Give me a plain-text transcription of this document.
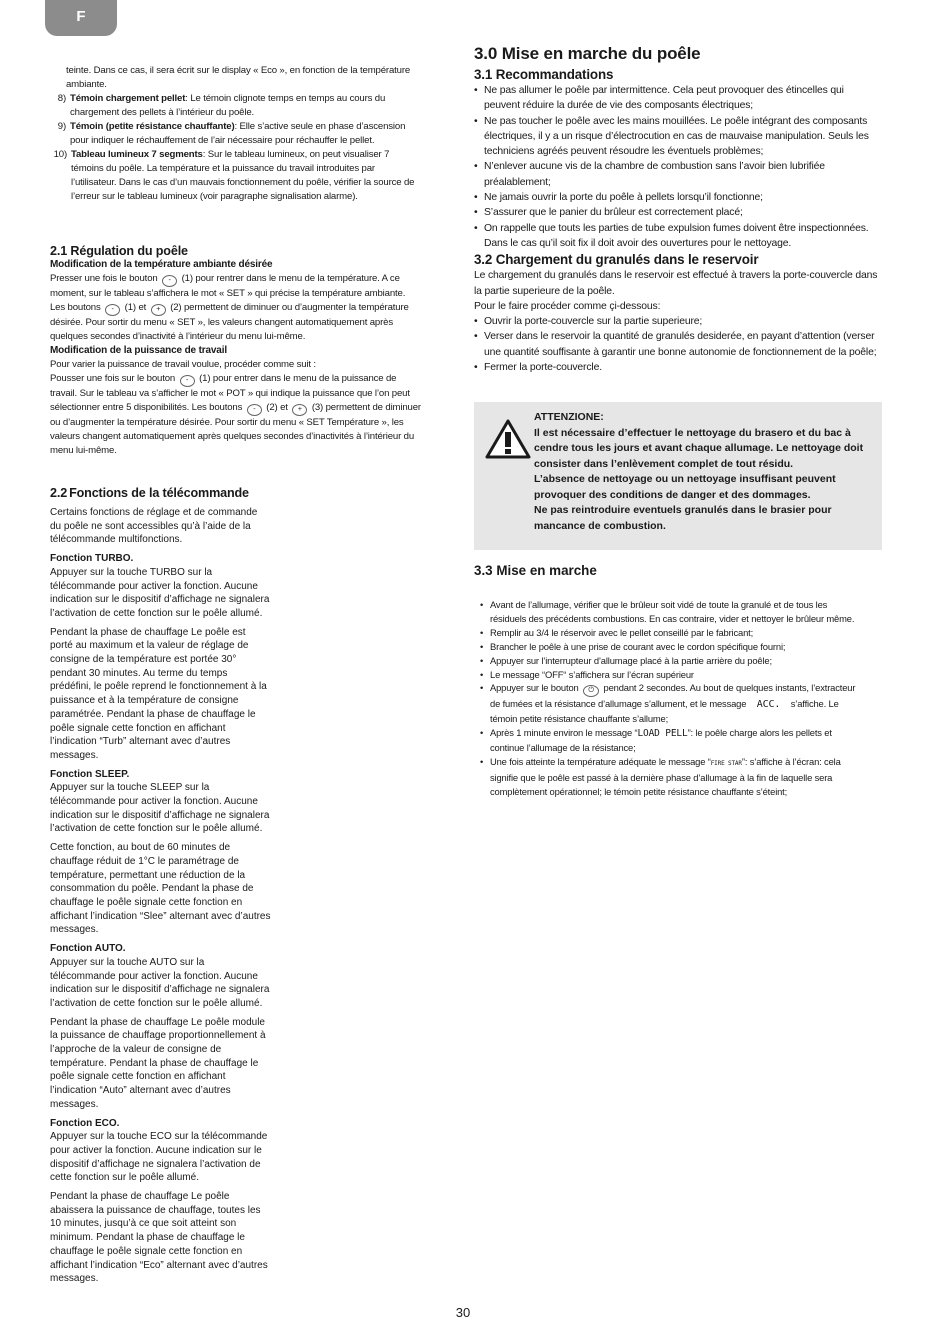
F
teinte. Dans ce cas, il sera écrit sur le display « Eco », en fonction de la température ambiante.
8) Témoin chargement pellet: Le témoin clignote temps en temps au cours du chargement des pellets à l’intérieur du poêle.
9) Témoin (petite résistance chauffante): Elle s’active seule en phase d’ascension pour indiquer le réchauffement de l’air nécessaire pour réchauffer le pellet.
10) Tableau lumineux 7 segments: Sur le tableau lumineux, on peut visualiser 7 témoins du poêle. La température et la puissance du travail introduites par l’utilisateur. Dans le cas d’un mauvais fonctionnement du poêle, vérifier la source de l’erreur sur le tableau lumineux (voir paragraphe signalisation alarme).
2.1 Régulation du poêle
Modification de la température ambiante désirée

Presser une fois le bouton - (1) pour rentrer dans le menu de la température. A ce moment, sur le tableau s’affichera le mot « SET » qui précise la température ambiante. Les boutons - (1) et + (2) permettent de diminuer ou d’augmenter la température désirée. Pour sortir du menu « SET », les valeurs changent automatiquement après quelques secondes d’inactivité à l’intérieur du menu lui-même.

Modification de la puissance de travail

Pour varier la puissance de travail voulue, procéder comme suit :

Pousser une fois sur le bouton - (1) pour entrer dans le menu de la puissance de travail. Sur le tableau va s’afficher le mot « POT » qui indique la puissance que l’on peut sélectionner entre 5 disponibilités. Les boutons - (2) et + (3) permettent de diminuer ou d’augmenter la température désirée. Pour sortir du menu « SET Température », les valeurs changent automatiquement après quelques secondes d’inactivités à l’intérieur du menu lui-même.

2.2 Fonctions de la télécommande

Certains fonctions de réglage et de commande du poêle ne sont accessibles qu’à l’aide de la télécommande multifonctions.

Fonction TURBO.

Appuyer sur la touche TURBO sur la télécommande pour activer la fonction. Aucune indication sur le dispositif d’affichage ne signalera l’activation de cette fonction sur le poêle allumé.

Pendant la phase de chauffage Le poêle est porté au maximum et la valeur de réglage de consigne de la température est portée 30° pendant 30 minutes. Au terme du temps prédéfini, le poêle reprend le fonctionnement à la puissance et à la température de consigne paramétrée. Pendant la phase de chauffage le poêle signale cette fonction en affichant l’indication “Turb” alternant avec d’autres messages.

Fonction SLEEP.

Appuyer sur la touche SLEEP sur la télécommande pour activer la fonction. Aucune indication sur le dispositif d’affichage ne signalera l’activation de cette fonction sur le poêle allumé.

Cette fonction, au bout de 60 minutes de chauffage réduit de 1°C le paramétrage de température, permettant une réduction de la consommation du poêle. Pendant la phase de chauffage le poêle signale cette fonction en affichant l’indication “Slee” alternant avec d’autres messages.

Fonction AUTO.

Appuyer sur la touche AUTO sur la télécommande pour activer la fonction. Aucune indication sur le dispositif d’affichage ne signalera l’activation de cette fonction sur le poêle allumé.

Pendant la phase de chauffage Le poêle module la puissance de chauffage proportionnellement à l’approche de la valeur de consigne de température. Pendant la phase de chauffage le poêle signale cette fonction en affichant l’indication “Auto” alternant avec d’autres messages.

Fonction ECO.

Appuyer sur la touche ECO sur la télécommande pour activer la fonction. Aucune indication sur le dispositif d’affichage ne signalera l’activation de cette fonction sur le poêle allumé.

Pendant la phase de chauffage Le poêle abaissera la puissance de chauffage, toutes les 10 minutes, jusqu’à ce que soit atteint son minimum. Pendant la phase de chauffage le chauffage le poêle signale cette fonction en affichant l’indication “Eco” alternant avec d’autres messages.

3.0 Mise en marche du poêle
3.1 Recommandations
• Ne pas allumer le poêle par intermittence. Cela peut provoquer des étincelles qui peuvent réduire la durée de vie des composants électriques;
• Ne pas toucher le poêle avec les mains mouillées. Le poêle intégrant des composants électriques, il y a un risque d’électrocution en cas de mauvaise manipulation. Seuls les techniciens agréés peuvent résoudre les éventuels problèmes;
• N’enlever aucune vis de la chambre de combustion sans l’avoir bien lubrifiée préalablement;
• Ne jamais ouvrir la porte du poêle à pellets lorsqu’il fonctionne;
• S’assurer que le panier du brûleur est correctement placé;
• On rappelle que touts les parties de tube expulsion fumes doivent être inspectionnées. Dans le cas qu’il soit fix il doit avoir des ouvertures pour le nettoyage.
3.2 Chargement du granulés dans le reservoir

Le chargement du granulés dans le reservoir est effectué à travers la porte-couvercle dans la partie superieure de la poêle.

Pour le faire procéder comme çi-dessous:

• Ouvrir la porte-couvercle sur la partie superieure;
• Verser dans le reservoir la quantité de granulés desiderée, en payant d’attention (verser une quantité souffisante à garantir une bonne autonomie de fonctionnement de la poêle;
• Fermer la porte-couvercle.
ATTENZIONE:
Il est nécessaire d’effectuer le nettoyage du brasero et du bac à cendre tous les jours et avant chaque allumage. Le nettoyage doit consister dans l’enlèvement complet de tout résidu.
L’absence de nettoyage ou un nettoyage insuffisant peuvent provoquer des conditions de danger et des dommages.
Ne pas reintroduire eventuels granulés dans le brasier pour mancance de combustion.
3.3 Mise en marche
• Avant de l’allumage, vérifier que le brûleur soit vidé de toute la granulé et de tous les résiduels des précédents combustions. En cas contraire, vider et nettoyer le brûleur même.
• Remplir au 3/4 le réservoir avec le pellet conseillé par le fabricant;
• Brancher le poêle à une prise de courant avec le cordon spécifique fourni;
• Appuyer sur l’interrupteur d’allumage placé à la partie arrière du poêle;
• Le message “OFF“ s’affichera sur l’écran supérieur
• Appuyer sur le bouton ⏻ pendant 2 secondes. Au bout de quelques instants, l’extracteur de fumées et la résistance d’allumage s’allument, et le message ACC. s’affiche. Le témoin petite résistance chauffante s’allume;
• Après 1 minute environ le message “LOAD PELL”: le poêle charge alors les pellets et continue l’allumage de la résistance;
• Une fois atteinte la température adéquate le message “FIRE STAR”: s’affiche à l’écran: cela signifie que le poêle est passé à la dernière phase d’allumage à la fin de laquelle sera complètement opérationnel; le témoin petite résistance chauffante s’éteint;
30
